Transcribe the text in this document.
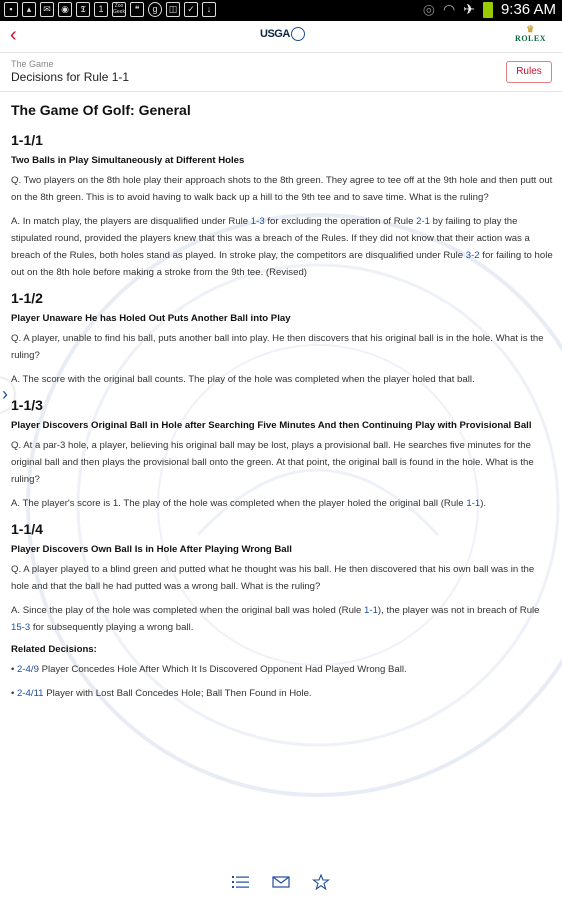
▪	▴	✉	◉	𝕿	1	Zoo Geek	❝	g	◫	✓	↓	◎ ◠ ✈ 9:36 AM
‹	USGA	♛
ROLEX
The Game
Decisions for Rule 1-1	Rules
›
The Game Of Golf: General
1-1/1
Two Balls in Play Simultaneously at Different Holes
Q. Two players on the 8th hole play their approach shots to the 8th green. They agree to tee off at the 9th hole and then putt out on the 8th green. This is to avoid having to walk back up a hill to the 9th tee and to save time. What is the ruling?
A. In match play, the players are disqualified under Rule 1-3 for excluding the operation of Rule 2-1 by failing to play the stipulated round, provided the players knew that this was a breach of the Rules. If they did not know that their action was a breach of the Rules, both holes stand as played. In stroke play, the competitors are disqualified under Rule 3-2 for failing to hole out on the 8th hole before making a stroke from the 9th tee. (Revised)
1-1/2
Player Unaware He has Holed Out Puts Another Ball into Play
Q. A player, unable to find his ball, puts another ball into play. He then discovers that his original ball is in the hole. What is the ruling?
A. The score with the original ball counts. The play of the hole was completed when the player holed that ball.
1-1/3
Player Discovers Original Ball in Hole after Searching Five Minutes And then Continuing Play with Provisional Ball
Q. At a par-3 hole, a player, believing his original ball may be lost, plays a provisional ball. He searches five minutes for the original ball and then plays the provisional ball onto the green. At that point, the original ball is found in the hole. What is the ruling?
A. The player's score is 1. The play of the hole was completed when the player holed the original ball (Rule 1-1).
1-1/4
Player Discovers Own Ball Is in Hole After Playing Wrong Ball
Q. A player played to a blind green and putted what he thought was his ball. He then discovered that his own ball was in the hole and that the ball he had putted was a wrong ball. What is the ruling?
A. Since the play of the hole was completed when the original ball was holed (Rule 1-1), the player was not in breach of Rule 15-3 for subsequently playing a wrong ball.
Related Decisions:
• 2-4/9 Player Concedes Hole After Which It Is Discovered Opponent Had Played Wrong Ball.
• 2-4/11 Player with Lost Ball Concedes Hole; Ball Then Found in Hole.
